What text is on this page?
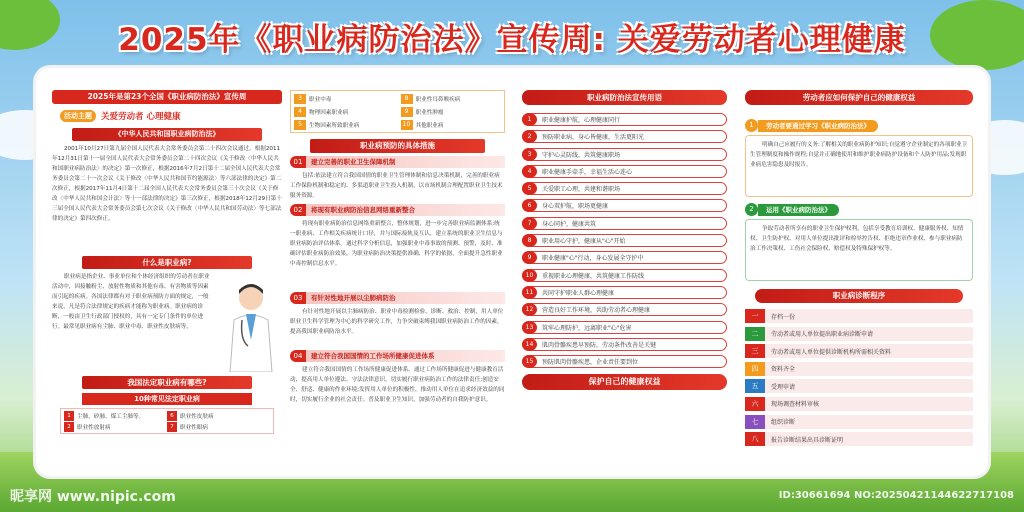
2025年《职业病防治法》宣传周: 关爱劳动者心理健康
2025年是第23个全国《职业病防治法》宣传周
活动主题	关爱劳动者 心理健康
《中华人民共和国职业病防治法》
2001年10月27日第九届全国人民代表大会常务委员会第二十四次会议通过，根据2011年12月31日第十一届全国人民代表大会常务委员会第二十四次会议《关于修改〈中华人民共和国职业病防治法〉的决定》第一次修正，根据2016年7月2日第十二届全国人民代表大会常务委员会第二十一次会议《关于修改〈中华人民共和国节约能源法〉等六部法律的决定》第二次修正，根据2017年11月4日第十二届全国人民代表大会常务委员会第三十次会议《关于修改〈中华人民共和国会计法〉等十一部法律的决定》第三次修正，根据2018年12月29日第十三届全国人民代表大会常务委员会第七次会议《关于修改〈中华人民共和国劳动法〉等七部法律的决定》第四次修正。
什么是职业病?
职业病是指企业、事业单位和个体经济组织的劳动者在职业活动中，因接触粉尘、放射性物质和其他有毒、有害物质等因素而引起的疾病。各国法律都有对于职业病预防方面的规定，一般来说，凡是符合法律规定的疾病才能称为职业病。职业病的诊断，一般由卫生行政部门授权的，具有一定专门条件的单位进行。最常见职业病有尘肺、职业中毒、职业性皮肤病等。
我国法定职业病有哪些?
10种常见法定职业病
1	尘肺、矽肺、煤工尘肺等。	6	职业性皮肤病
2	职业性放射病	7	职业性眼病
3	职业中毒	8	职业性耳鼻喉疾病
4	物理因素职业病	9	职业性肿瘤
5	生物因素所致职业病	10 其他职业病
职业病预防的具体措施
01	建立完善的职业卫生保障机制
包括:依法建立符合我国国情的职业卫生管理体制和信息决策机制，完善的职业病工作保险机制和稳定的、多渠道职业卫生投入机制，以市场机制合理配置职业卫生技术服务资源。
02	将现有职业病防治信息网络重新整合
将现有职业病防治信息网络重新整合，整体规划，进一步完善职业病监测体系;统一职业病、工作相关疾病统计口径，并与国际接轨及互认，建立系统的职业卫生信息与职业病防治评估体系。通过科学分析信息，加强职业中毒事故的预测、预警，及时、准确评估职业病防治效果，为职业病防治决策提供准确、科学的依据，全面提升急性职业中毒控制信息水平。
03	有针对性地开展以尘肺病防治
有针对性地开展以尘肺病防治、职业中毒检测检验、诊断、救治、控制，用人单位职业卫生科学管理为中心的科学研究工作，力争突破束缚我国职业病防治工作的因素，提高我国职业病防治水平。
04	建立符合我国国情的工作场所健康促进体系
建立符合我国国情的工作场所健康促进体系。通过工作场所健康促进与健康教育活动，提高用人单位遵法、守法法律意识，切实履行职业病防治工作的法律责任;创造安全、舒适、健康的作业环境;发挥用人单位的积极性，推动用人单位在追求经济效益的同时，切实履行企业的社会责任。普及职业卫生知识，加强劳动者的自我防护意识。
职业病防治法宣传用语
1	职业健康护航，心理健康同行
2	预防职业病，身心皆健康，生活更阳光
3	守护心灵防线，共筑健康职场
4	职业健康手牵手，幸福生活心连心
5	关爱职工心理，共建和谐职场
6	身心双护航，职场更健康
7	身心同护，健康共筑
8	职业用心守护，健康从"心"开始
9	职业健康"心"行动，身心发展全守护中
10	重视职业心理健康，共筑健康工作防线
11	共同守护职业人群心理健康
12	营造良好工作环境，共助劳动者心理健康
13	筑牢心理防护，远离职业"心"危害
14	肌肉骨骼疾患早预防，劳动条件改善是关键
15	预防肌肉骨骼疾患，企业责任要到位
保护自己的健康权益
劳动者应如何保护自己的健康权益
1	劳动者要通过学习《职业病防治法》
明确自己应履行的义务:了解相关的职业病防护知识;自觉遵守企业制定的各项职业卫生管理制度和操作规程;自觉并正确地使用和维护职业病防护设备和个人防护用品;发现职业病危害隐患及时报告。
2	运用《职业病防治法》
争取劳动者所享有的职业卫生保护权利，包括享受教育培训权、健康服务权、知情权、卫生防护权、对用人单位提出批评和检举控告权、拒绝违章作业权、参与职业病防治工作决策权、工伤社会保险权、赔偿权及特殊保护权等。
职业病诊断程序
一	存档一份
二	劳动者或用人单位提出职业病诊断申请
三	劳动者或用人单位提供诊断机构所需相关资料
四	资料齐全
五	受理申请
六	现场调查材料审核
七	组织诊断
八	报告诊断结果出具诊断证明
昵享网 www.nipic.com	ID:30661694 NO:20250421144622717108
